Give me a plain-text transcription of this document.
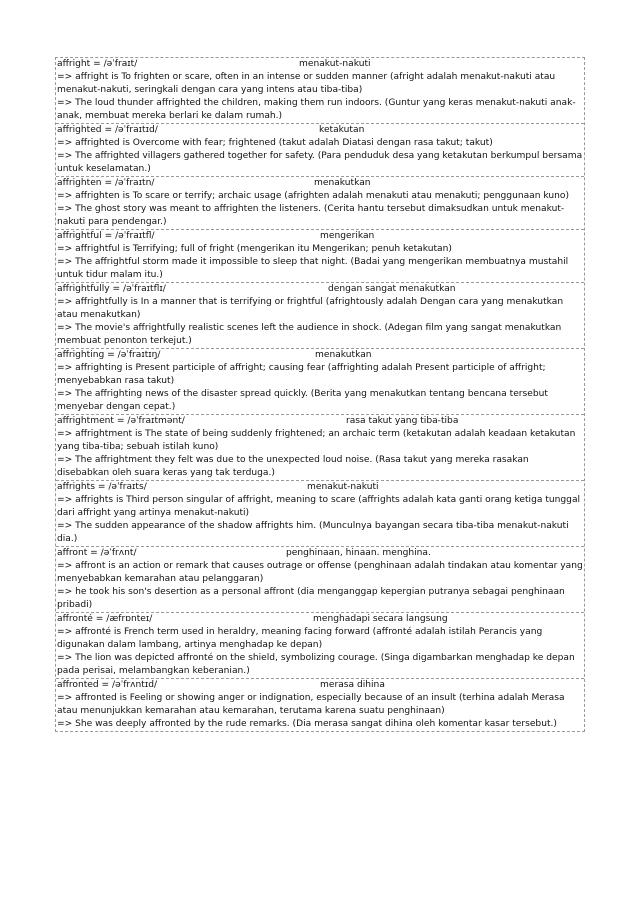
affright = /əˈfraɪt/	menakut-nakuti
=> affright is To frighten or scare, often in an intense or sudden manner (afright adalah menakut-nakuti atau menakut-nakuti, seringkali dengan cara yang intens atau tiba-tiba)
=> The loud thunder affrighted the children, making them run indoors. (Guntur yang keras menakut-nakuti anak-anak, membuat mereka berlari ke dalam rumah.)
affrighted = /əˈfraɪtɪd/	ketakutan
=> affrighted is Overcome with fear; frightened (takut adalah Diatasi dengan rasa takut; takut)
=> The affrighted villagers gathered together for safety. (Para penduduk desa yang ketakutan berkumpul bersama untuk keselamatan.)
affrighten = /əˈfraɪtn/	menakutkan
=> affrighten is To scare or terrify; archaic usage (afrighten adalah menakuti atau menakuti; penggunaan kuno)
=> The ghost story was meant to affrighten the listeners. (Cerita hantu tersebut dimaksudkan untuk menakut-nakuti para pendengar.)
affrightful = /əˈfraɪtfl/	mengerikan
=> affrightful is Terrifying; full of fright (mengerikan itu Mengerikan; penuh ketakutan)
=> The affrightful storm made it impossible to sleep that night. (Badai yang mengerikan membuatnya mustahil untuk tidur malam itu.)
affrightfully = /əˈfraɪtflɪ/	dengan sangat menakutkan
=> affrightfully is In a manner that is terrifying or frightful (afrightously adalah Dengan cara yang menakutkan atau menakutkan)
=> The movie's affrightfully realistic scenes left the audience in shock. (Adegan film yang sangat menakutkan membuat penonton terkejut.)
affrighting = /əˈfraɪtɪŋ/	menakutkan
=> affrighting is Present participle of affright; causing fear (affrighting adalah Present participle of affright; menyebabkan rasa takut)
=> The affrighting news of the disaster spread quickly. (Berita yang menakutkan tentang bencana tersebut menyebar dengan cepat.)
affrightment = /əˈfraɪtmənt/	rasa takut yang tiba-tiba
=> affrightment is The state of being suddenly frightened; an archaic term (ketakutan adalah keadaan ketakutan yang tiba-tiba; sebuah istilah kuno)
=> The affrightment they felt was due to the unexpected loud noise. (Rasa takut yang mereka rasakan disebabkan oleh suara keras yang tak terduga.)
affrights = /əˈfraɪts/	menakut-nakuti
=> affrights is Third person singular of affright, meaning to scare (affrights adalah kata ganti orang ketiga tunggal dari affright yang artinya menakut-nakuti)
=> The sudden appearance of the shadow affrights him. (Munculnya bayangan secara tiba-tiba menakut-nakuti dia.)
affront = /əˈfrʌnt/	penghinaan, hinaan. menghina.
=> affront is an action or remark that causes outrage or offense (penghinaan adalah tindakan atau komentar yang menyebabkan kemarahan atau pelanggaran)
=> he took his son's desertion as a personal affront (dia menganggap kepergian putranya sebagai penghinaan
pribadi)
affronté = /æfrɒnteɪ/	menghadapi secara langsung
=> affronté is French term used in heraldry, meaning facing forward (affronté adalah istilah Perancis yang digunakan dalam lambang, artinya menghadap ke depan)
=> The lion was depicted affronté on the shield, symbolizing courage. (Singa digambarkan menghadap ke depan pada perisai, melambangkan keberanian.)
affronted = /əˈfrʌntɪd/	merasa dihina
=> affronted is Feeling or showing anger or indignation, especially because of an insult (terhina adalah Merasa atau menunjukkan kemarahan atau kemarahan, terutama karena suatu penghinaan)
=> She was deeply affronted by the rude remarks. (Dia merasa sangat dihina oleh komentar kasar tersebut.)
